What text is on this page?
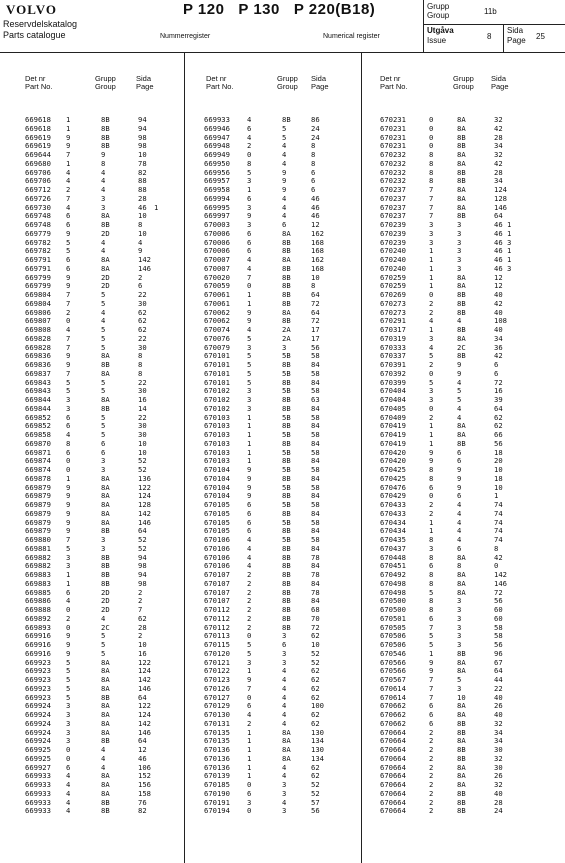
VOLVO
Reservdelskatalog
Parts catalogue
P 120   P 130   P 220(B18)
Nummerregister	Numerical register
Grupp
Group	11b
Utgåva
Issue	8
Sida
Page 25
Det nr
Part No.
Grupp
Group
Sida
Page
669618 1	8B	94
669618 1	8B	94
669619 9	8B	98
669619 9	8B	98
669644 7	9	10
669680 1	8	78
669706 4	4	82
669706 4	4	88
669712 2	4	88
669726 7	3	28
669730 4	3	46 1
669748 6	8A	10
669748 6	8B	8
669779 9	2D	10
669782 5	4	4
669782 5	4	9
669791 6	8A	142
669791 6	8A	146
669799 9	2D	2
669799 9	2D	6
669804 7	5	22
669804 7	5	30
669806 2	4	62
669807 0	4	62
669808 4	5	62
669828 7	5	22
669828 7	5	30
669836 9	8A	8
669836 9	8B	8
669837 7	8A	8
669843 5	5	22
669843 5	5	30
669844 3	8A	16
669844 3	8B	14
669852 6	5	22
669852 6	5	30
669858 4	5	30
669870 8	6	10
669871 6	6	10
669874 0	3	52
669874 0	3	52
669878 1	8A	136
669879 9	8A	122
669879 9	8A	124
669879 9	8A	128
669879 9	8A	142
669879 9	8A	146
669879 9	8B	64
669880 7	3	52
669881 5	3	52
669882 3	8B	94
669882 3	8B	98
669883 1	8B	94
669883 1	8B	98
669885 6	2D	2
669886 4	2D	2
669888 0	2D	7
669892 2	4	62
669893 0	2C	28
669916 9	5	2
669916 9	5	10
669916 9	5	16
669923 5	8A	122
669923 5	8A	124
669923 5	8A	142
669923 5	8A	146
669923 5	8B	64
669924 3	8A	122
669924 3	8A	124
669924 3	8A	142
669924 3	8A	146
669924 3	8B	64
669925 0	4	12
669925 0	4	46
669927 6	4	106
669933 4	8A	152
669933 4	8A	156
669933 4	8A	158
669933 4	8B	76
669933 4	8B	82
Det nr
Part No.
Grupp
Group
Sida
Page
669933 4	8B	86
669946 6	5	24
669947 4	5	24
669948 2	4	8
669949 0	4	8
669950 8	4	8
669956 5	9	6
669957 3	9	6
669958 1	9	6
669994 6	4	46
669995 3	4	46
669997 9	4	46
670003 3	6	12
670006 6	8A	162
670006 6	8B	168
670006 6	8B	168
670007 4	8A	162
670007 4	8B	168
670020 7	8B	10
670059 0	8B	8
670061 1	8B	64
670061 1	8B	72
670062 9	8A	64
670062 9	8B	72
670074 4	2A	17
670076 5	2A	17
670079 3	3	56
670101 5	5B	58
670101 5	8B	84
670101 5	5B	58
670101 5	8B	84
670102 3	5B	58
670102 3	8B	63
670102 3	8B	84
670103 1	5B	58
670103 1	8B	84
670103 1	5B	58
670103 1	8B	84
670103 1	5B	58
670103 1	8B	84
670104 9	5B	58
670104 9	8B	84
670104 9	5B	58
670104 9	8B	84
670105 6	5B	58
670105 6	8B	84
670105 6	5B	58
670105 6	8B	84
670106 4	5B	58
670106 4	8B	84
670106 4	8B	78
670106 4	8B	84
670107 2	8B	78
670107 2	8B	84
670107 2	8B	78
670107 2	8B	84
670112 2	8B	68
670112 2	8B	70
670112 2	8B	72
670113 0	3	62
670115 5	6	10
670120 5	3	52
670121 3	3	52
670122 1	4	62
670123 9	4	62
670126 7	4	62
670127 0	4	62
670129 6	4	100
670130 4	4	62
670131 2	4	62
670135 1	8A	130
670135 1	8A	134
670136 1	8A	130
670136 1	8A	134
670136 1	4	62
670139 1	4	62
670185 0	3	52
670190 6	3	52
670191 3	4	57
670194 0	3	56
Det nr
Part No.
Grupp
Group
Sida
Page
670231	0	8A	32
670231	0	8A	42
670231	0	8B	28
670231	0	8B	34
670232	8	8A	32
670232	8	8A	42
670232	8	8B	28
670232	8	8B	34
670237	7	8A	124
670237	7	8A	128
670237	7	8A	146
670237	7	8B	64
670239	3	3	46 1
670239	3	3	46 1
670239	3	3	46 3
670240	1	3	46 1
670240	1	3	46 1
670240	1	3	46 3
670259	1	8A	12
670259	1	8A	12
670269	0	8B	40
670273	2	8B	42
670273	2	8B	40
670291	4	4	108
670317	1	8B	40
670319	3	8A	34
670333	4	2C	36
670337	5	8B	42
670391	2	9	6
670392	0	9	6
670399	5	4	72
670404	3	5	16
670404	3	5	39
670405	0	4	64
670409	2	4	62
670419	1	8A	62
670419	1	8A	66
670419	1	8B	56
670420	9	6	18
670420	9	6	20
670425	8	9	10
670425	8	9	18
670476	6	9	10
670429	0	6	1
670433	2	4	74
670433	2	4	74
670434	1	4	74
670434	1	4	74
670435	8	4	74
670437	3	6	8
670448	8	8A	42
670451	6	8	0
670492	8	8A	142
670498	8	8A	146
670498	5	8A	72
670500	8	3	56
670500	8	3	60
670501	6	3	60
670505	7	3	58
670506	5	3	58
670506	5	3	56
670546	1	8B	96
670566	9	8A	67
670566	9	8A	64
670567	7	5	44
670614	7	3	22
670614	7	10	40
670662	6	8A	26
670662	6	8A	40
670662	6	8B	32
670664	2	8B	34
670664	2	8A	34
670664	2	8B	30
670664	2	8B	32
670664	2	8A	30
670664	2	8A	26
670664	2	8A	32
670664	2	8B	40
670664	2	8B	28
670664	2	8B	24
